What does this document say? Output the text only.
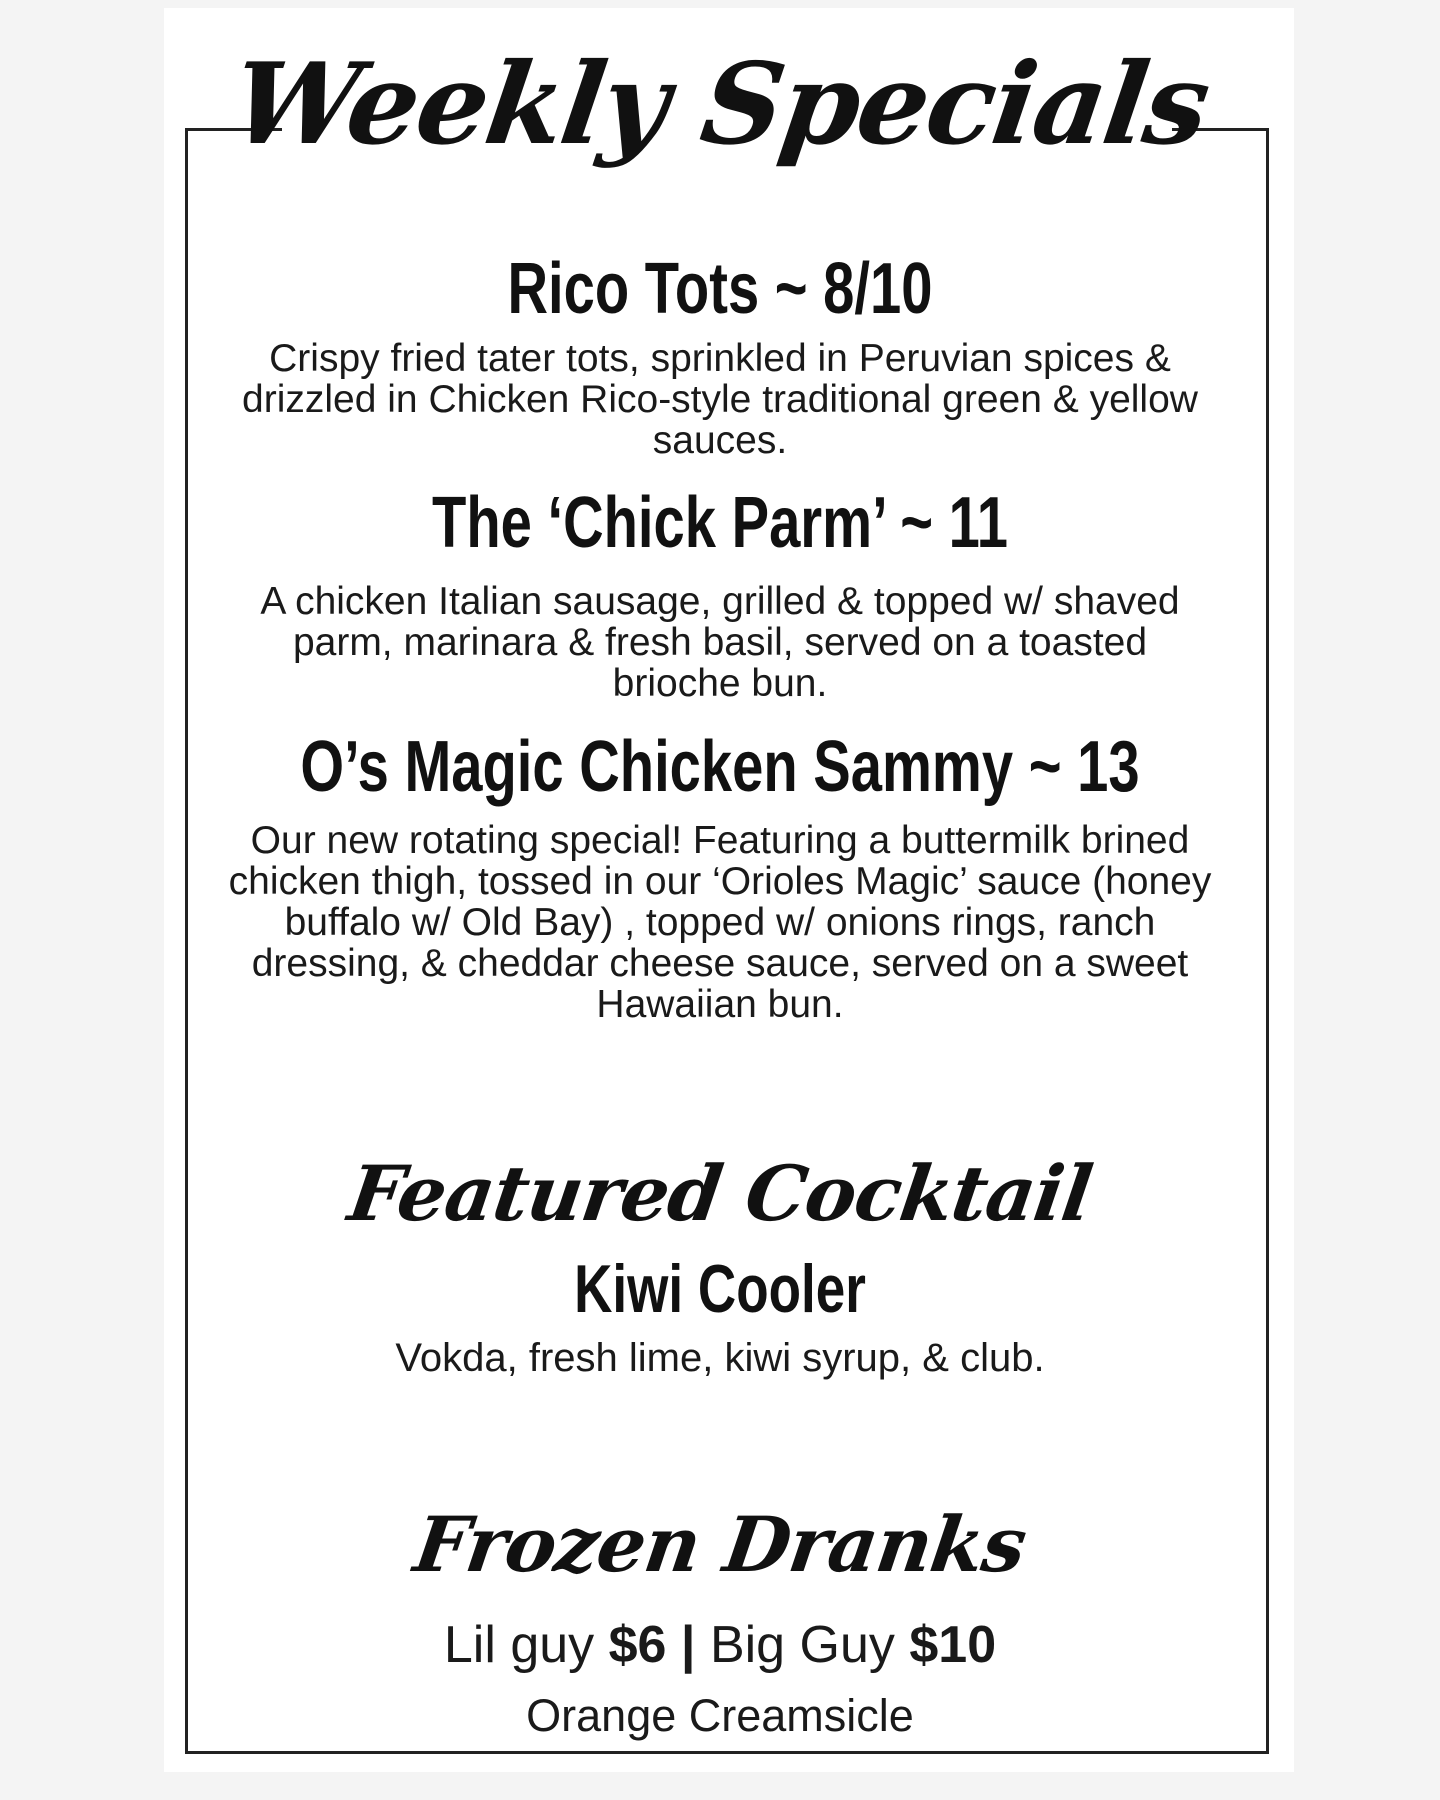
Weekly Specials
Rico Tots ~ 8/10

Crispy fried tater tots, sprinkled in Peruvian spices & drizzled in Chicken Rico-style traditional green & yellow sauces.

The ‘Chick Parm’ ~ 11

A chicken Italian sausage, grilled & topped w/ shaved parm, marinara & fresh basil, served on a toasted brioche bun.

O’s Magic Chicken Sammy ~ 13

Our new rotating special! Featuring a buttermilk brined chicken thigh, tossed in our ‘Orioles Magic’ sauce (honey buffalo w/ Old Bay) , topped w/ onions rings, ranch dressing, & cheddar cheese sauce, served on a sweet Hawaiian bun.

Featured Cocktail
Kiwi Cooler

Vokda, fresh lime, kiwi syrup, & club.

Frozen Dranks
Lil guy $6 | Big Guy $10
Orange Creamsicle
